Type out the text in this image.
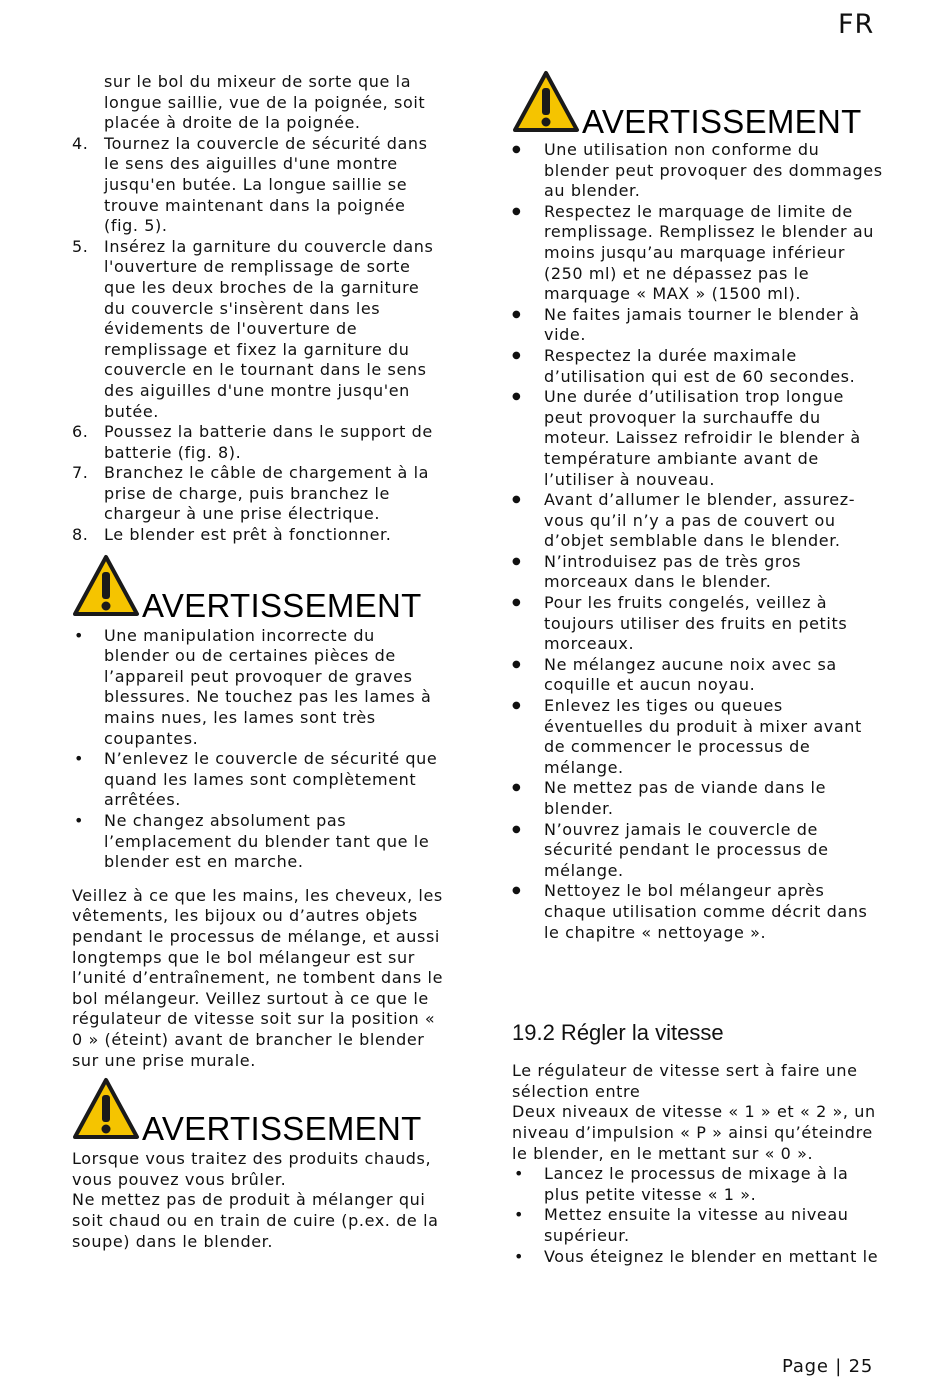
FR

sur le bol du mixeur de sorte que la longue saillie, vue de la poignée, soit placée à droite de la poignée.

4. Tournez la couvercle de sécurité dans le sens des aiguilles d'une montre jusqu'en butée. La longue saillie se trouve maintenant dans la poignée (fig. 5).
5. Insérez la garniture du couvercle dans l'ouverture de remplissage de sorte que les deux broches de la garniture du couvercle s'insèrent dans les évidements de l'ouverture de remplissage et fixez la garniture du couvercle en le tournant dans le sens des aiguilles d'une montre jusqu'en butée.
6. Poussez la batterie dans le support de batterie (fig. 8).
7. Branchez le câble de chargement à la prise de charge, puis branchez le chargeur à une prise électrique.
8. Le blender est prêt à fonctionner.
AVERTISSEMENT
• Une manipulation incorrecte du blender ou de certaines pièces de l’appareil peut provoquer de graves blessures. Ne touchez pas les lames à mains nues, les lames sont très coupantes.
• N’enlevez le couvercle de sécurité que quand les lames sont complètement arrêtées.
• Ne changez absolument pas l’emplacement du blender tant que le blender est en marche.

Veillez à ce que les mains, les cheveux, les vêtements, les bijoux ou d’autres objets pendant le processus de mélange, et aussi longtemps que le bol mélangeur est sur l’unité d’entraînement, ne tombent dans le bol mélangeur. Veillez surtout à ce que le régulateur de vitesse soit sur la position « 0 » (éteint) avant de brancher le blender sur une prise murale.

AVERTISSEMENT

Lorsque vous traitez des produits chauds, vous pouvez vous brûler.

Ne mettez pas de produit à mélanger qui soit chaud ou en train de cuire (p.ex. de la soupe) dans le blender.

AVERTISSEMENT
● Une utilisation non conforme du blender peut provoquer des dommages au blender.
● Respectez le marquage de limite de remplissage. Remplissez le blender au moins jusqu’au marquage inférieur (250 ml) et ne dépassez pas le marquage « MAX » (1500 ml).
● Ne faites jamais tourner le blender à vide.
● Respectez la durée maximale d’utilisation qui est de 60 secondes.
● Une durée d’utilisation trop longue peut provoquer la surchauffe du moteur. Laissez refroidir le blender à température ambiante avant de l’utiliser à nouveau.
● Avant d’allumer le blender, assurez-vous qu’il n’y a pas de couvert ou d’objet semblable dans le blender.
● N’introduisez pas de très gros morceaux dans le blender.
● Pour les fruits congelés, veillez à toujours utiliser des fruits en petits morceaux.
● Ne mélangez aucune noix avec sa coquille et aucun noyau.
● Enlevez les tiges ou queues éventuelles du produit à mixer avant de commencer le processus de mélange.
● Ne mettez pas de viande dans le blender.
● N’ouvrez jamais le couvercle de sécurité pendant le processus de mélange.
● Nettoyez le bol mélangeur après chaque utilisation comme décrit dans le chapitre « nettoyage ».
19.2 Régler la vitesse

Le régulateur de vitesse sert à faire une sélection entre

Deux niveaux de vitesse « 1 » et « 2 », un niveau d’impulsion « P » ainsi qu’éteindre le blender, en le mettant sur « 0 ».

• Lancez le processus de mixage à la plus petite vitesse « 1 ».
• Mettez ensuite la vitesse au niveau supérieur.
• Vous éteignez le blender en mettant le
Page | 25
